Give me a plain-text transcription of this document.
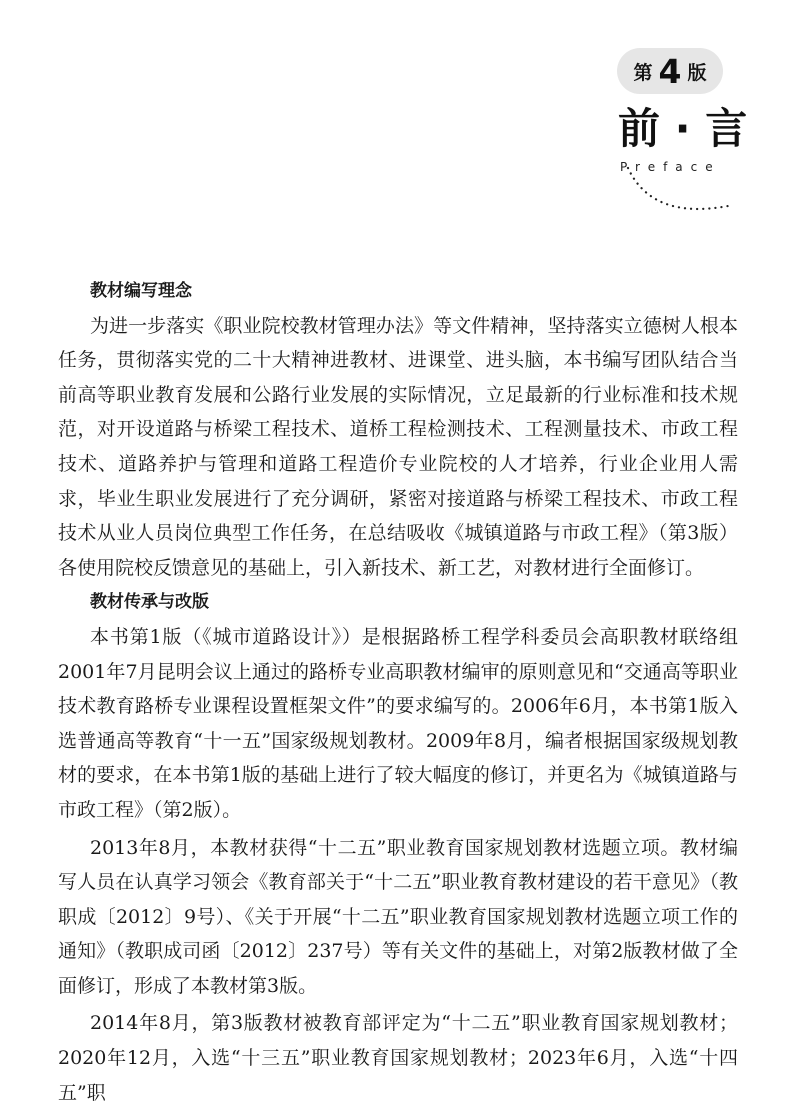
第 4 版
前 · 言
Preface
教材编写理念

为进一步落实《职业院校教材管理办法》等文件精神，坚持落实立德树人根本任务，贯彻落实党的二十大精神进教材、进课堂、进头脑，本书编写团队结合当前高等职业教育发展和公路行业发展的实际情况，立足最新的行业标准和技术规范，对开设道路与桥梁工程技术、道桥工程检测技术、工程测量技术、市政工程技术、道路养护与管理和道路工程造价专业院校的人才培养，行业企业用人需求，毕业生职业发展进行了充分调研，紧密对接道路与桥梁工程技术、市政工程技术从业人员岗位典型工作任务，在总结吸收《城镇道路与市政工程》（第3版）各使用院校反馈意见的基础上，引入新技术、新工艺，对教材进行全面修订。

教材传承与改版

本书第1版（《城市道路设计》）是根据路桥工程学科委员会高职教材联络组2001年7月昆明会议上通过的路桥专业高职教材编审的原则意见和“交通高等职业技术教育路桥专业课程设置框架文件”的要求编写的。2006年6月，本书第1版入选普通高等教育“十一五”国家级规划教材。2009年8月，编者根据国家级规划教材的要求，在本书第1版的基础上进行了较大幅度的修订，并更名为《城镇道路与市政工程》（第2版）。

2013年8月，本教材获得“十二五”职业教育国家规划教材选题立项。教材编写人员在认真学习领会《教育部关于“十二五”职业教育教材建设的若干意见》（教职成〔2012〕9号）、《关于开展“十二五”职业教育国家规划教材选题立项工作的通知》（教职成司函〔2012〕237号）等有关文件的基础上，对第2版教材做了全面修订，形成了本教材第3版。

2014年8月，第3版教材被教育部评定为“十二五”职业教育国家规划教材；2020年12月，入选“十三五”职业教育国家规划教材；2023年6月，入选“十四五”职
